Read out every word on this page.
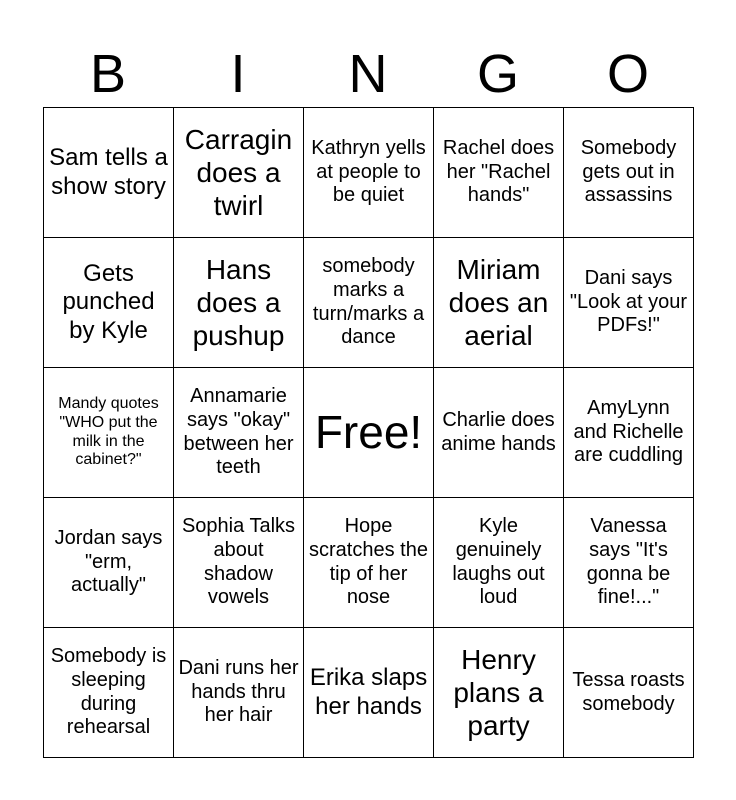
B	I	N	G	O
Sam tells a show story	Carragin does a twirl	Kathryn yells at people to be quiet	Rachel does her "Rachel hands"	Somebody gets out in assassins
Gets punched by Kyle	Hans does a pushup	somebody marks a turn/marks a dance	Miriam does an aerial	Dani says "Look at your PDFs!"
Mandy quotes "WHO put the milk in the cabinet?"	Annamarie says "okay" between her teeth	Free!	Charlie does anime hands	AmyLynn and Richelle are cuddling
Jordan says "erm, actually"	Sophia Talks about shadow vowels	Hope scratches the tip of her nose	Kyle genuinely laughs out loud	Vanessa says "It's gonna be fine!..."
Somebody is sleeping during rehearsal	Dani runs her hands thru her hair	Erika slaps her hands	Henry plans a party	Tessa roasts somebody
